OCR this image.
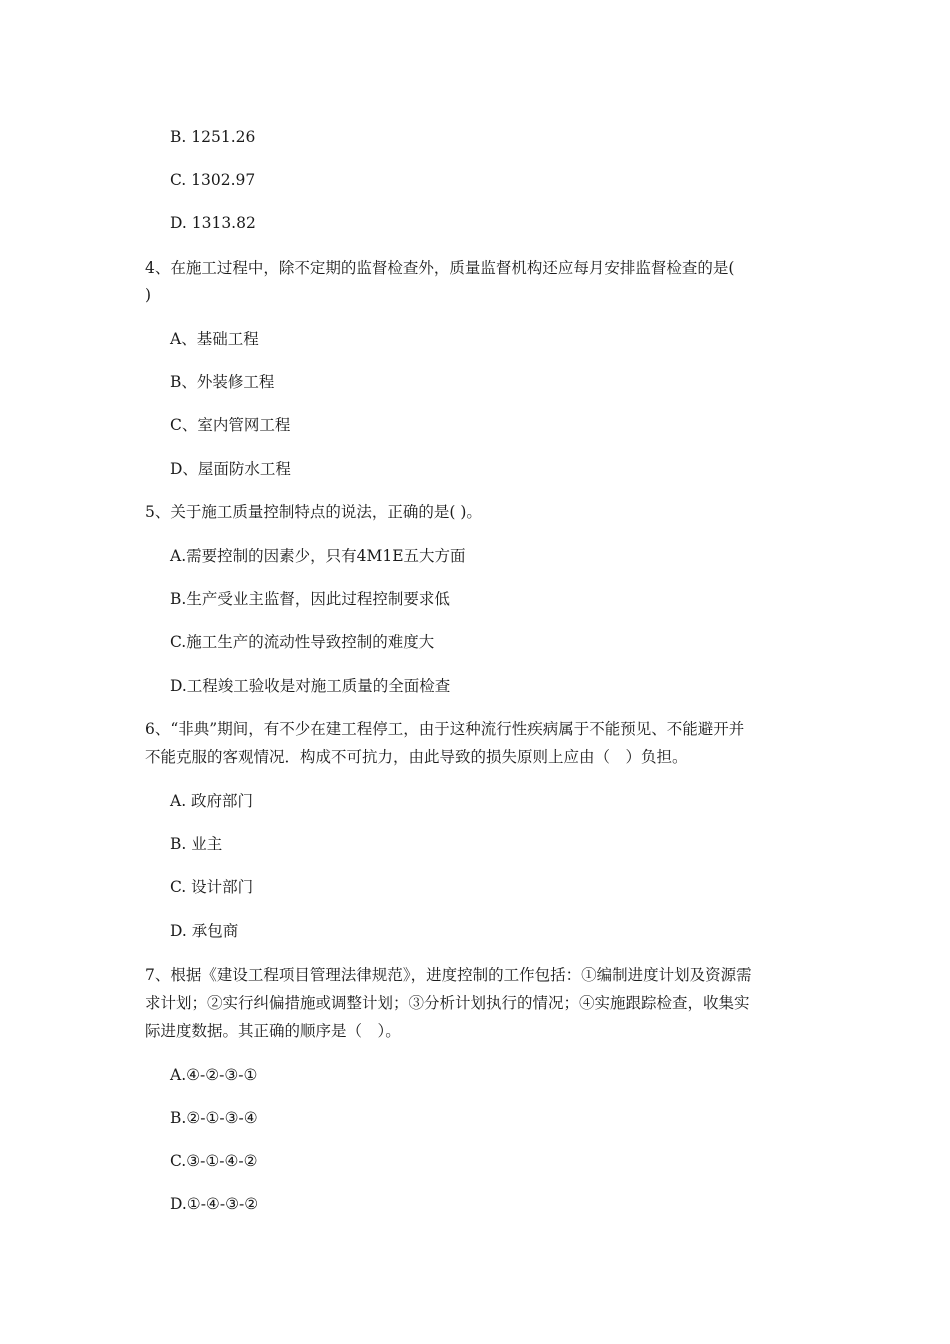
B. 1251.26
C. 1302.97
D. 1313.82
4、在施工过程中，除不定期的监督检查外，质量监督机构还应每月安排监督检查的是(
)
A、基础工程
B、外装修工程
C、室内管网工程
D、屋面防水工程
5、关于施工质量控制特点的说法，正确的是( )。
A.需要控制的因素少，只有4M1E五大方面
B.生产受业主监督，因此过程控制要求低
C.施工生产的流动性导致控制的难度大
D.工程竣工验收是对施工质量的全面检查
6、“非典”期间，有不少在建工程停工，由于这种流行性疾病属于不能预见、不能避开并
不能克服的客观情况．构成不可抗力，由此导致的损失原则上应由（　）负担。
A. 政府部门
B. 业主
C. 设计部门
D. 承包商
7、根据《建设工程项目管理法律规范》，进度控制的工作包括：①编制进度计划及资源需
求计划；②实行纠偏措施或调整计划；③分析计划执行的情况；④实施跟踪检查，收集实
际进度数据。其正确的顺序是（　）。
A.④-②-③-①
B.②-①-③-④
C.③-①-④-②
D.①-④-③-②
